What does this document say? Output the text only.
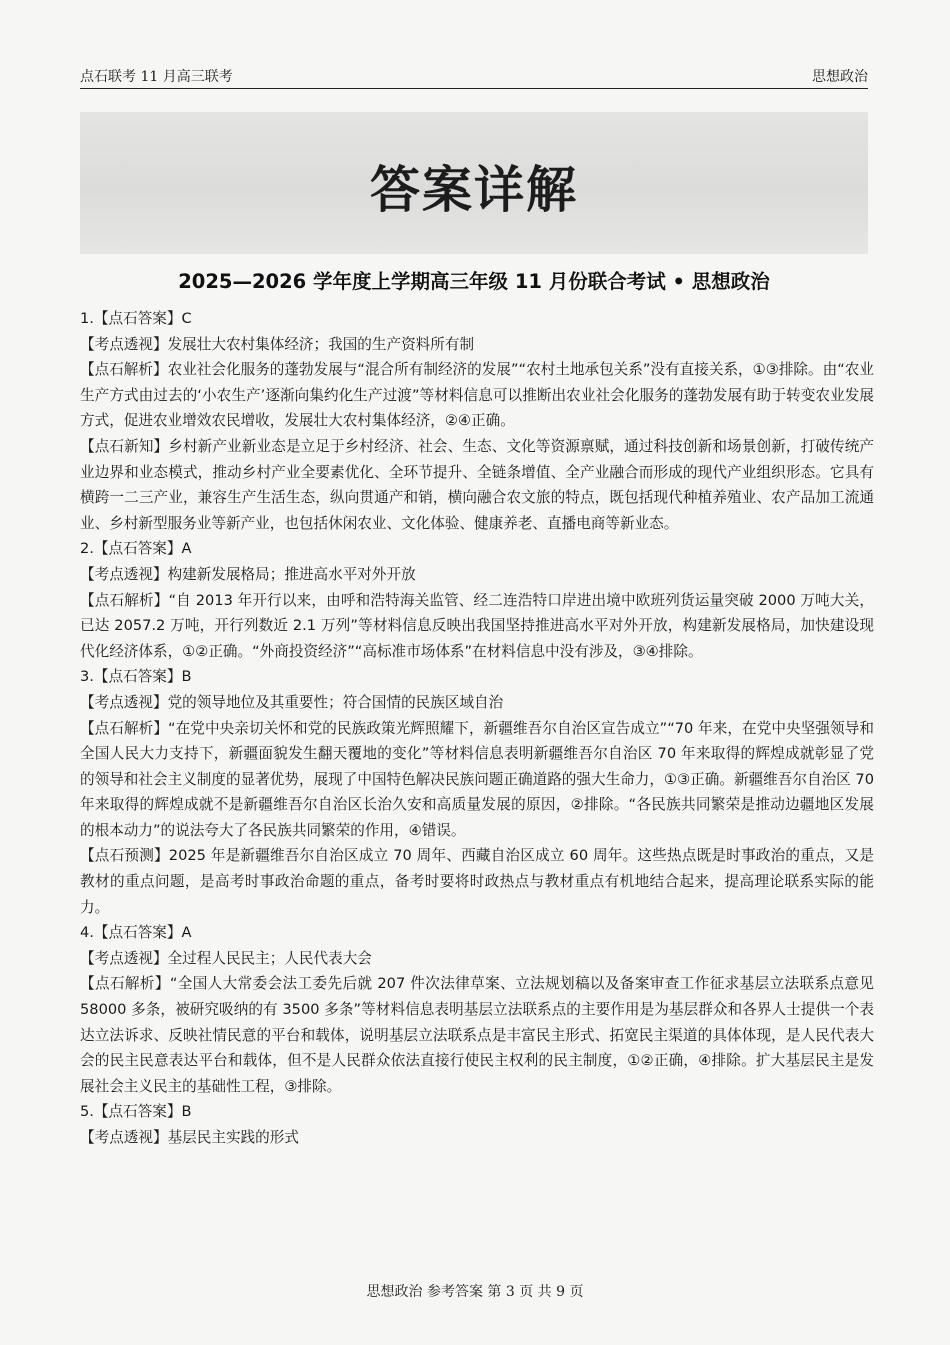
点石联考 11 月高三联考	思想政治
答案详解
2025—2026 学年度上学期高三年级 11 月份联合考试 • 思想政治

1.【点石答案】C

【考点透视】发展壮大农村集体经济；我国的生产资料所有制

【点石解析】农业社会化服务的蓬勃发展与“混合所有制经济的发展”“农村土地承包关系”没有直接关系，①③排除。由“农业生产方式由过去的‘小农生产’逐渐向集约化生产过渡”等材料信息可以推断出农业社会化服务的蓬勃发展有助于转变农业发展方式，促进农业增效农民增收，发展壮大农村集体经济，②④正确。

【点石新知】乡村新产业新业态是立足于乡村经济、社会、生态、文化等资源禀赋，通过科技创新和场景创新，打破传统产业边界和业态模式，推动乡村产业全要素优化、全环节提升、全链条增值、全产业融合而形成的现代产业组织形态。它具有横跨一二三产业，兼容生产生活生态，纵向贯通产和销，横向融合农文旅的特点，既包括现代种植养殖业、农产品加工流通业、乡村新型服务业等新产业，也包括休闲农业、文化体验、健康养老、直播电商等新业态。

2.【点石答案】A

【考点透视】构建新发展格局；推进高水平对外开放

【点石解析】“自 2013 年开行以来，由呼和浩特海关监管、经二连浩特口岸进出境中欧班列货运量突破 2000 万吨大关，已达 2057.2 万吨，开行列数近 2.1 万列”等材料信息反映出我国坚持推进高水平对外开放，构建新发展格局，加快建设现代化经济体系，①②正确。“外商投资经济”“高标准市场体系”在材料信息中没有涉及，③④排除。

3.【点石答案】B

【考点透视】党的领导地位及其重要性；符合国情的民族区域自治

【点石解析】“在党中央亲切关怀和党的民族政策光辉照耀下，新疆维吾尔自治区宣告成立”“70 年来，在党中央坚强领导和全国人民大力支持下，新疆面貌发生翻天覆地的变化”等材料信息表明新疆维吾尔自治区 70 年来取得的辉煌成就彰显了党的领导和社会主义制度的显著优势，展现了中国特色解决民族问题正确道路的强大生命力，①③正确。新疆维吾尔自治区 70 年来取得的辉煌成就不是新疆维吾尔自治区长治久安和高质量发展的原因，②排除。“各民族共同繁荣是推动边疆地区发展的根本动力”的说法夸大了各民族共同繁荣的作用，④错误。

【点石预测】2025 年是新疆维吾尔自治区成立 70 周年、西藏自治区成立 60 周年。这些热点既是时事政治的重点，又是教材的重点问题，是高考时事政治命题的重点，备考时要将时政热点与教材重点有机地结合起来，提高理论联系实际的能力。

4.【点石答案】A

【考点透视】全过程人民民主；人民代表大会

【点石解析】“全国人大常委会法工委先后就 207 件次法律草案、立法规划稿以及备案审查工作征求基层立法联系点意见 58000 多条，被研究吸纳的有 3500 多条”等材料信息表明基层立法联系点的主要作用是为基层群众和各界人士提供一个表达立法诉求、反映社情民意的平台和载体，说明基层立法联系点是丰富民主形式、拓宽民主渠道的具体体现，是人民代表大会的民主民意表达平台和载体，但不是人民群众依法直接行使民主权利的民主制度，①②正确，④排除。扩大基层民主是发展社会主义民主的基础性工程，③排除。

5.【点石答案】B

【考点透视】基层民主实践的形式

思想政治 参考答案 第 3 页 共 9 页
